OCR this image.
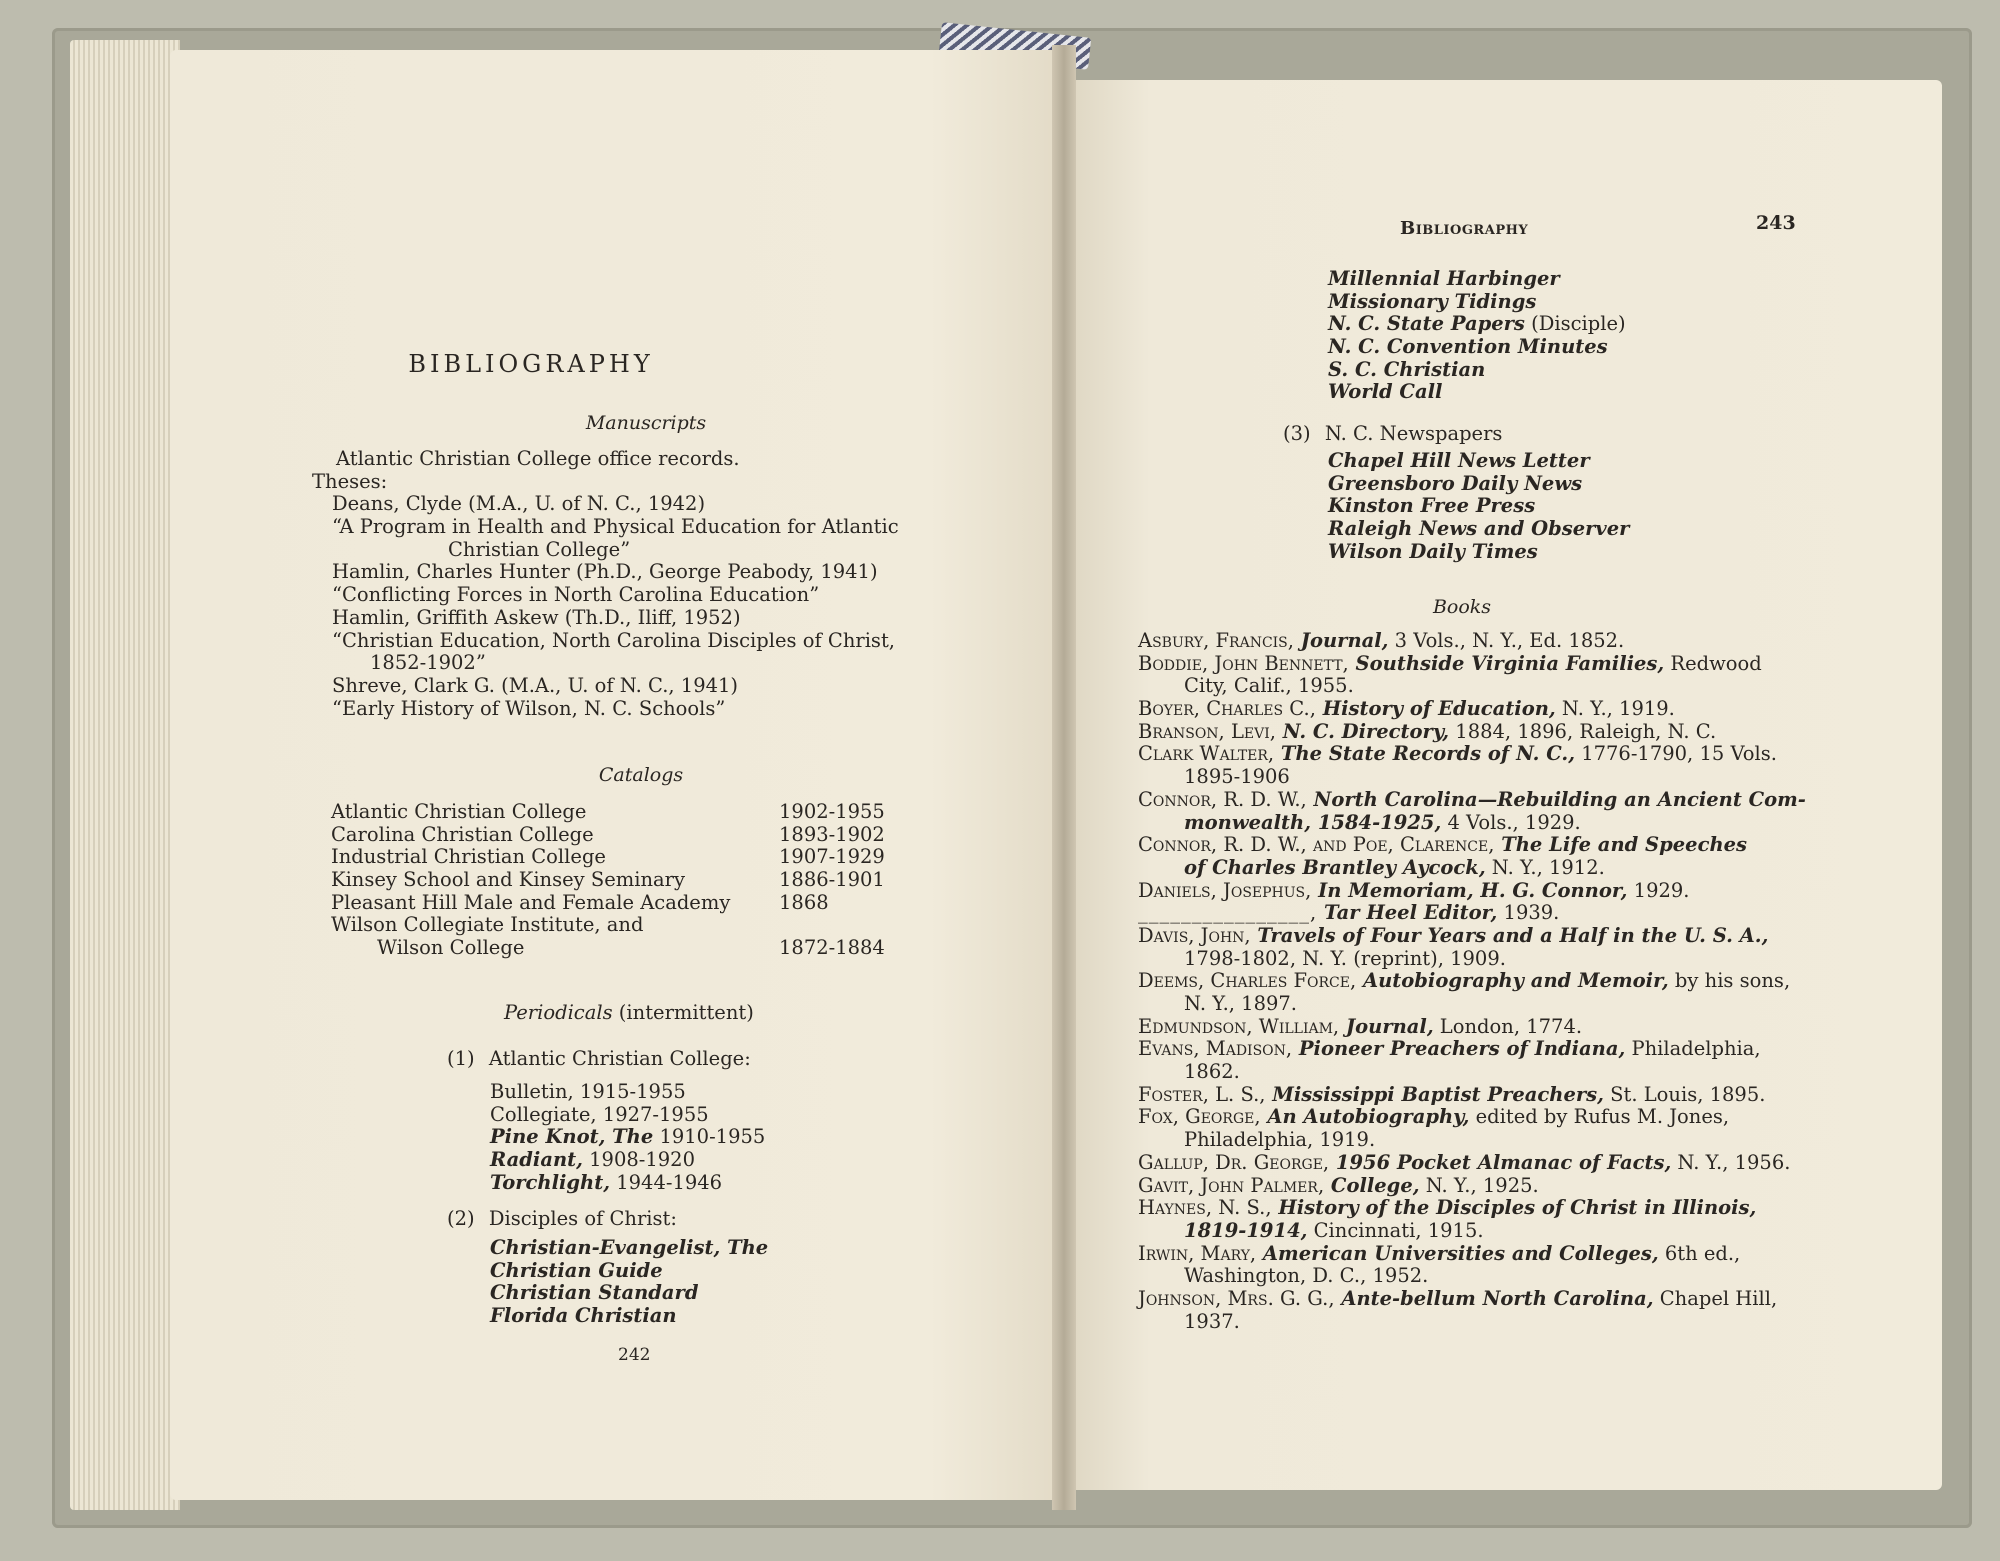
BIBLIOGRAPHY
Manuscripts
Atlantic Christian College office records.
Theses:
Deans, Clyde (M.A., U. of N. C., 1942)
“A Program in Health and Physical Education for Atlantic
Christian College”
Hamlin, Charles Hunter (Ph.D., George Peabody, 1941)
“Conflicting Forces in North Carolina Education”
Hamlin, Griffith Askew (Th.D., Iliff, 1952)
“Christian Education, North Carolina Disciples of Christ,
1852-1902”
Shreve, Clark G. (M.A., U. of N. C., 1941)
“Early History of Wilson, N. C. Schools”
Catalogs
Atlantic Christian College	1902-1955
Carolina Christian College	1893-1902
Industrial Christian College	1907-1929
Kinsey School and Kinsey Seminary	1886-1901
Pleasant Hill Male and Female Academy 1868
Wilson Collegiate Institute, and
Wilson College	1872-1884
Periodicals (intermittent)
(1) Atlantic Christian College:
Bulletin, 1915-1955
Collegiate, 1927-1955
Pine Knot, The 1910-1955
Radiant, 1908-1920
Torchlight, 1944-1946
(2) Disciples of Christ:
Christian-Evangelist, The
Christian Guide
Christian Standard
Florida Christian
242
Bibliography	243
Millennial Harbinger
Missionary Tidings
N. C. State Papers (Disciple)
N. C. Convention Minutes
S. C. Christian
World Call
(3) N. C. Newspapers
Chapel Hill News Letter
Greensboro Daily News
Kinston Free Press
Raleigh News and Observer
Wilson Daily Times
Books
Asbury, Francis, Journal, 3 Vols., N. Y., Ed. 1852.
Boddie, John Bennett, Southside Virginia Families, Redwood
City, Calif., 1955.
Boyer, Charles C., History of Education, N. Y., 1919.
Branson, Levi, N. C. Directory, 1884, 1896, Raleigh, N. C.
Clark Walter, The State Records of N. C., 1776-1790, 15 Vols.
1895-1906
Connor, R. D. W., North Carolina—Rebuilding an Ancient Com-
monwealth, 1584-1925, 4 Vols., 1929.
Connor, R. D. W., and Poe, Clarence, The Life and Speeches
of Charles Brantley Aycock, N. Y., 1912.
Daniels, Josephus, In Memoriam, H. G. Connor, 1929.
________________, Tar Heel Editor, 1939.
Davis, John, Travels of Four Years and a Half in the U. S. A.,
1798-1802, N. Y. (reprint), 1909.
Deems, Charles Force, Autobiography and Memoir, by his sons,
N. Y., 1897.
Edmundson, William, Journal, London, 1774.
Evans, Madison, Pioneer Preachers of Indiana, Philadelphia,
1862.
Foster, L. S., Mississippi Baptist Preachers, St. Louis, 1895.
Fox, George, An Autobiography, edited by Rufus M. Jones,
Philadelphia, 1919.
Gallup, Dr. George, 1956 Pocket Almanac of Facts, N. Y., 1956.
Gavit, John Palmer, College, N. Y., 1925.
Haynes, N. S., History of the Disciples of Christ in Illinois,
1819-1914, Cincinnati, 1915.
Irwin, Mary, American Universities and Colleges, 6th ed.,
Washington, D. C., 1952.
Johnson, Mrs. G. G., Ante-bellum North Carolina, Chapel Hill,
1937.
